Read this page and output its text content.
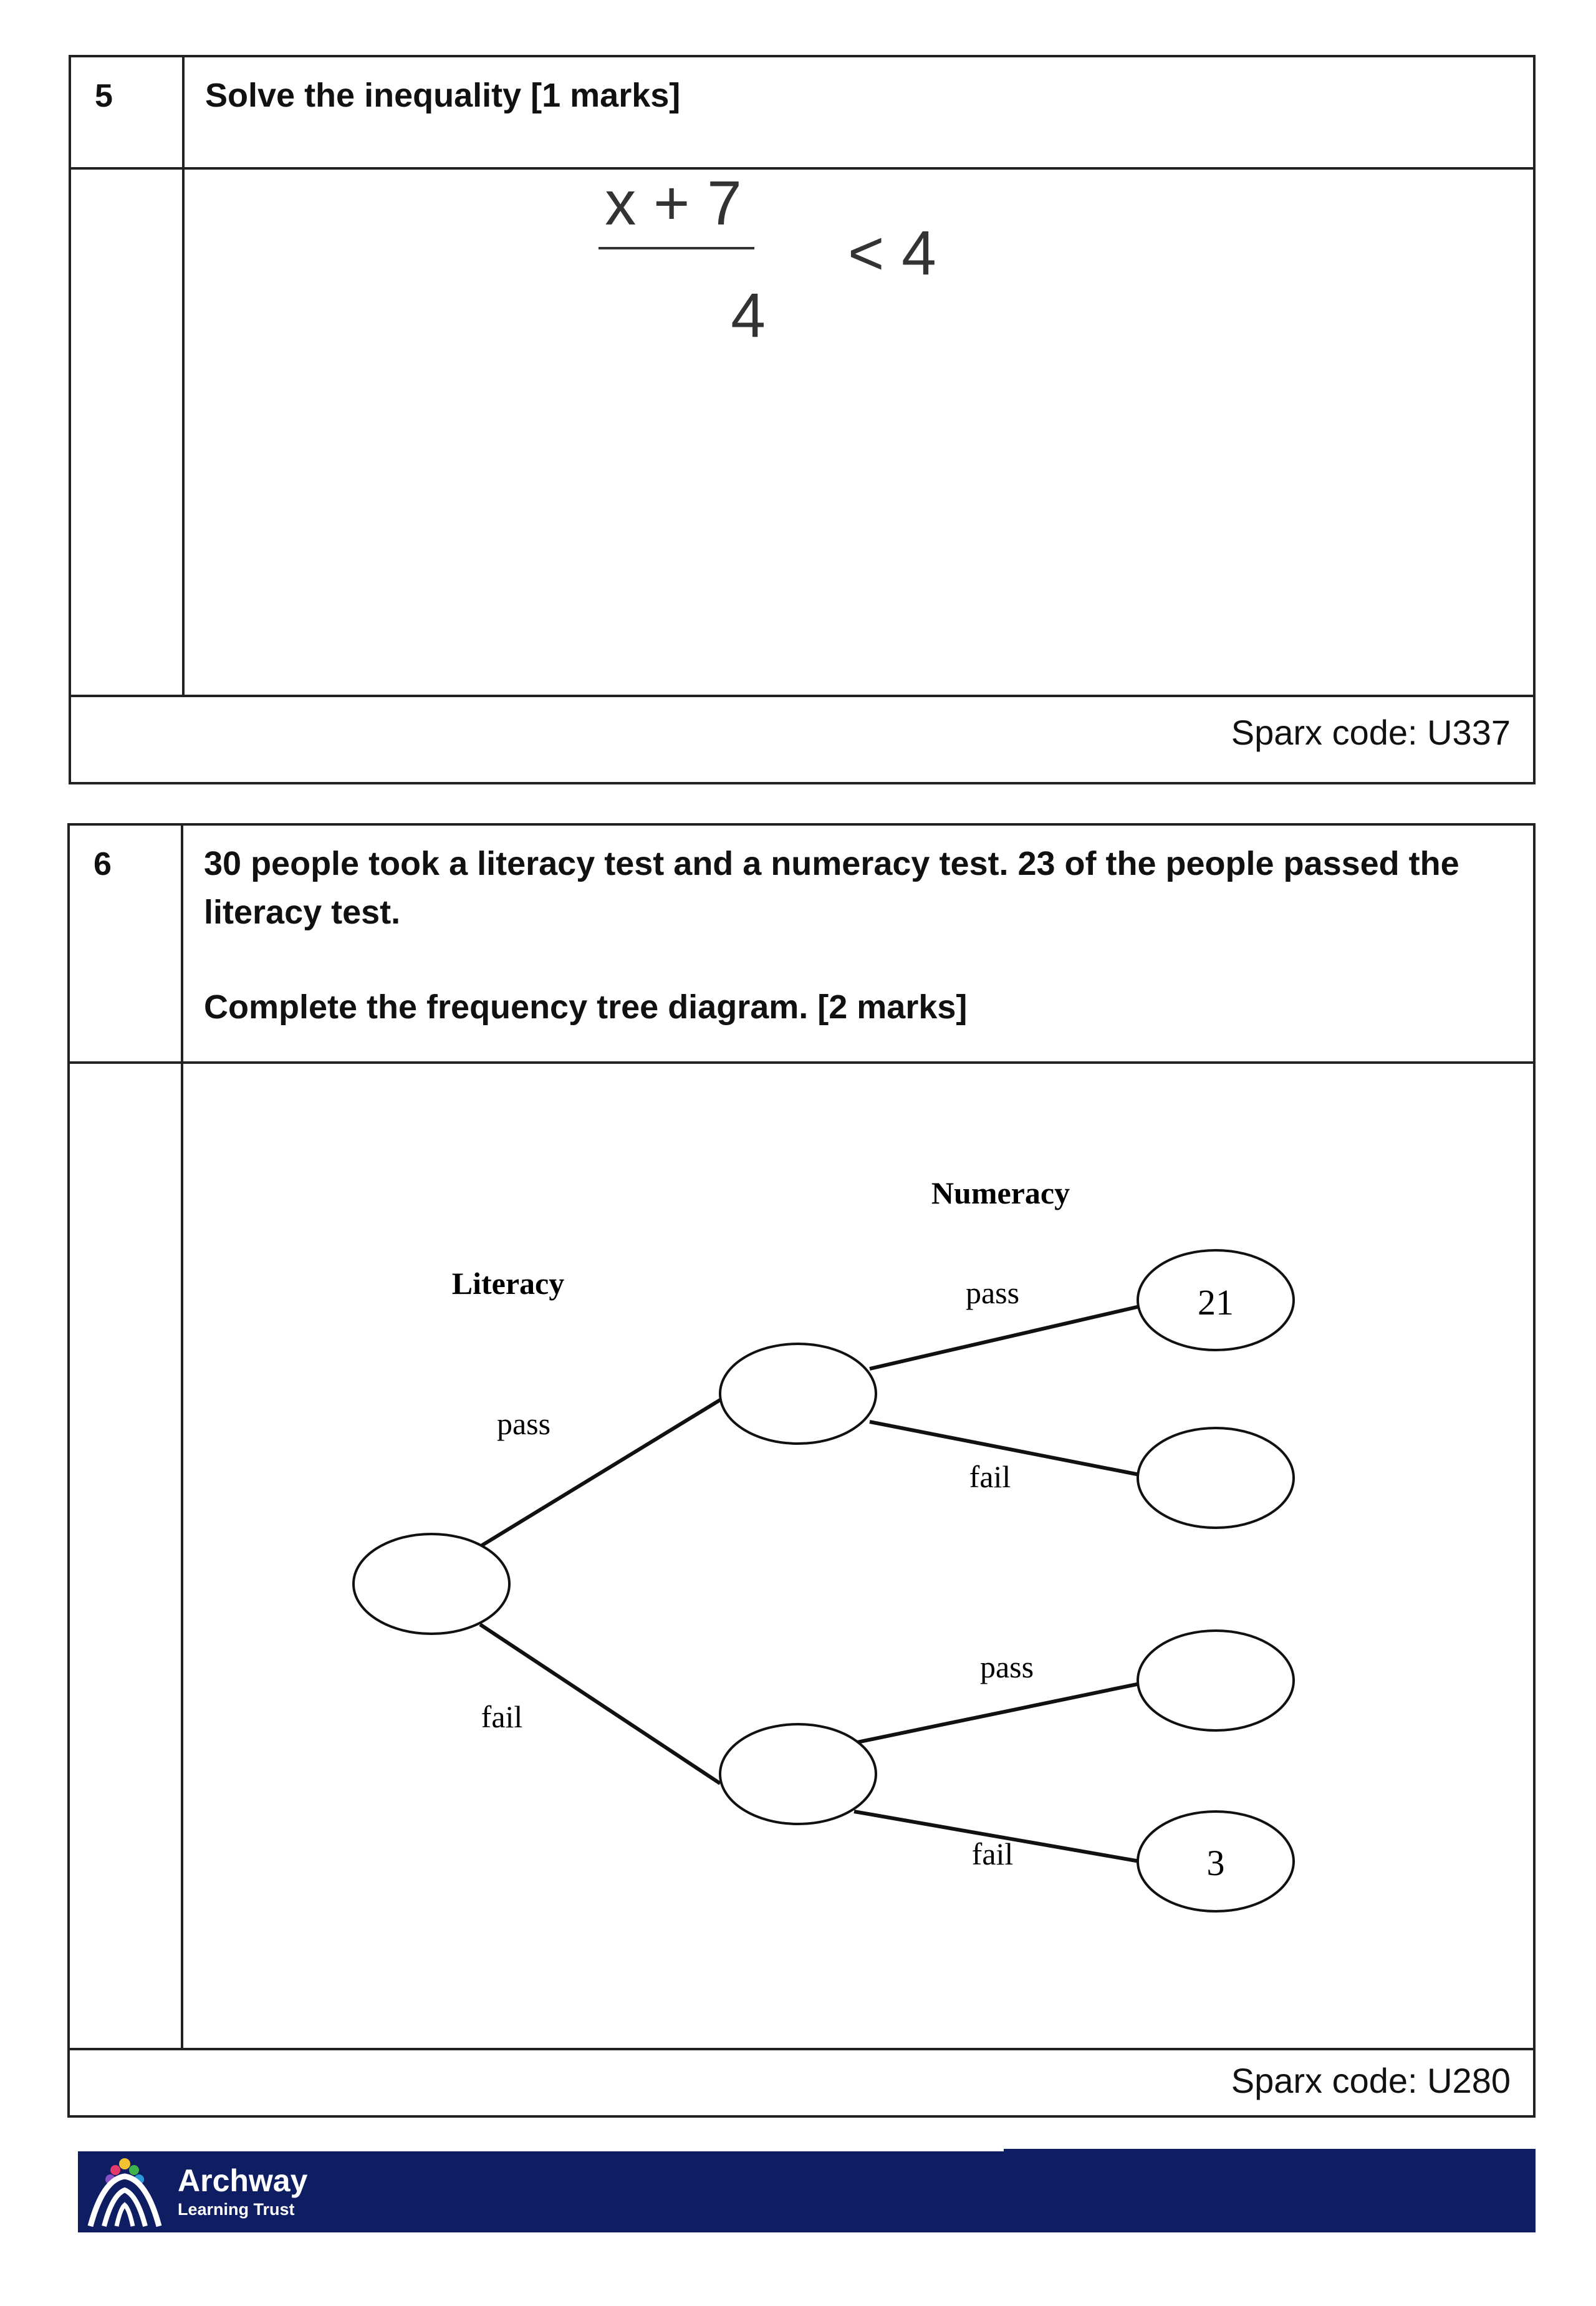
5	Solve the inequality [1 marks]
Sparx code: U337
x + 7
4
< 4
6	30 people took a literacy test and a numeracy test. 23 of the people passed the literacy test.
Complete the frequency tree diagram. [2 marks]
Sparx code: U280
21
3
Literacy
Numeracy
pass
fail
pass
fail
pass
fail
Archway
Learning Trust
